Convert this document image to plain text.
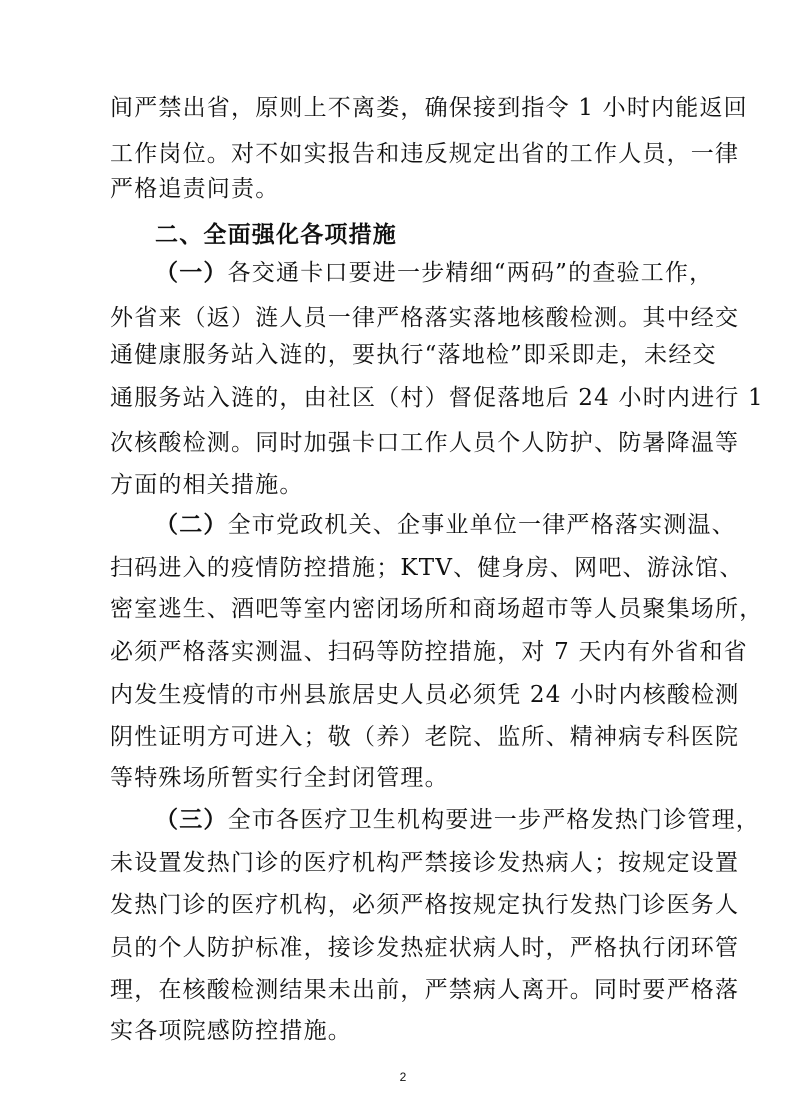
间严禁出省，原则上不离娄，确保接到指令 1 小时内能返回
工作岗位。对不如实报告和违反规定出省的工作人员，一律
严格追责问责。
二、全面强化各项措施
（一）各交通卡口要进一步精细“两码”的查验工作，
外省来（返）涟人员一律严格落实落地核酸检测。其中经交
通健康服务站入涟的，要执行“落地检”即采即走，未经交
通服务站入涟的，由社区（村）督促落地后 24 小时内进行 1
次核酸检测。同时加强卡口工作人员个人防护、防暑降温等
方面的相关措施。
（二）全市党政机关、企事业单位一律严格落实测温、
扫码进入的疫情防控措施；KTV、健身房、网吧、游泳馆、
密室逃生、酒吧等室内密闭场所和商场超市等人员聚集场所，
必须严格落实测温、扫码等防控措施，对 7 天内有外省和省
内发生疫情的市州县旅居史人员必须凭 24 小时内核酸检测
阴性证明方可进入；敬（养）老院、监所、精神病专科医院
等特殊场所暂实行全封闭管理。
（三）全市各医疗卫生机构要进一步严格发热门诊管理，
未设置发热门诊的医疗机构严禁接诊发热病人；按规定设置
发热门诊的医疗机构，必须严格按规定执行发热门诊医务人
员的个人防护标准，接诊发热症状病人时，严格执行闭环管
理，在核酸检测结果未出前，严禁病人离开。同时要严格落
实各项院感防控措施。
2
